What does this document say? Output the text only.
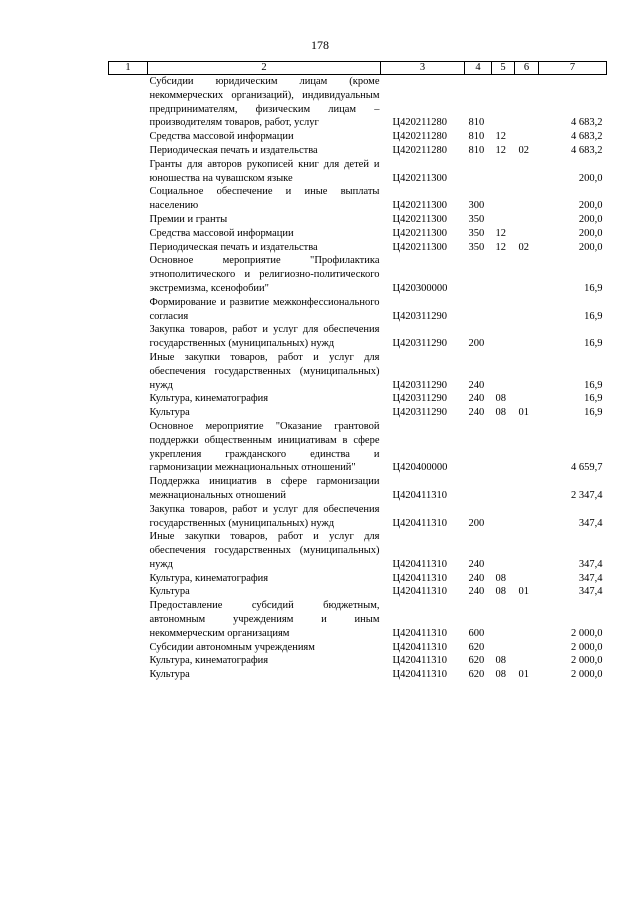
178
1	2	3	4	5	6	7
	Субсидии юридическим лицам (кроме некоммерческих организаций), индивидуальным предпринимателям, физическим лицам – производителям товаров, работ, услуг	Ц420211280	810			4 683,2
	Средства массовой информации	Ц420211280	810	12		4 683,2
	Периодическая печать и издательства	Ц420211280	810	12	02	4 683,2
	Гранты для авторов рукописей книг для детей и юношества на чувашском языке	Ц420211300				200,0
	Социальное обеспечение и иные выплаты населению	Ц420211300	300			200,0
	Премии и гранты	Ц420211300	350			200,0
	Средства массовой информации	Ц420211300	350	12		200,0
	Периодическая печать и издательства	Ц420211300	350	12	02	200,0
	Основное мероприятие "Профилактика этнополитического и религиозно-политического экстремизма, ксенофобии"	Ц420300000				16,9
	Формирование и развитие межконфессионального согласия	Ц420311290				16,9
	Закупка товаров, работ и услуг для обеспечения государственных (муниципальных) нужд	Ц420311290	200			16,9
	Иные закупки товаров, работ и услуг для обеспечения государственных (муниципальных) нужд	Ц420311290	240			16,9
	Культура, кинематография	Ц420311290	240	08		16,9
	Культура	Ц420311290	240	08	01	16,9
	Основное мероприятие "Оказание грантовой поддержки общественным инициативам в сфере укрепления гражданского единства и гармонизации межнациональных отношений"	Ц420400000				4 659,7
	Поддержка инициатив в сфере гармонизации межнациональных отношений	Ц420411310				2 347,4
	Закупка товаров, работ и услуг для обеспечения государственных (муниципальных) нужд	Ц420411310	200			347,4
	Иные закупки товаров, работ и услуг для обеспечения государственных (муниципальных) нужд	Ц420411310	240			347,4
	Культура, кинематография	Ц420411310	240	08		347,4
	Культура	Ц420411310	240	08	01	347,4
	Предоставление субсидий бюджетным, автономным учреждениям и иным некоммерческим организациям	Ц420411310	600			2 000,0
	Субсидии автономным учреждениям	Ц420411310	620			2 000,0
	Культура, кинематография	Ц420411310	620	08		2 000,0
	Культура	Ц420411310	620	08	01	2 000,0
